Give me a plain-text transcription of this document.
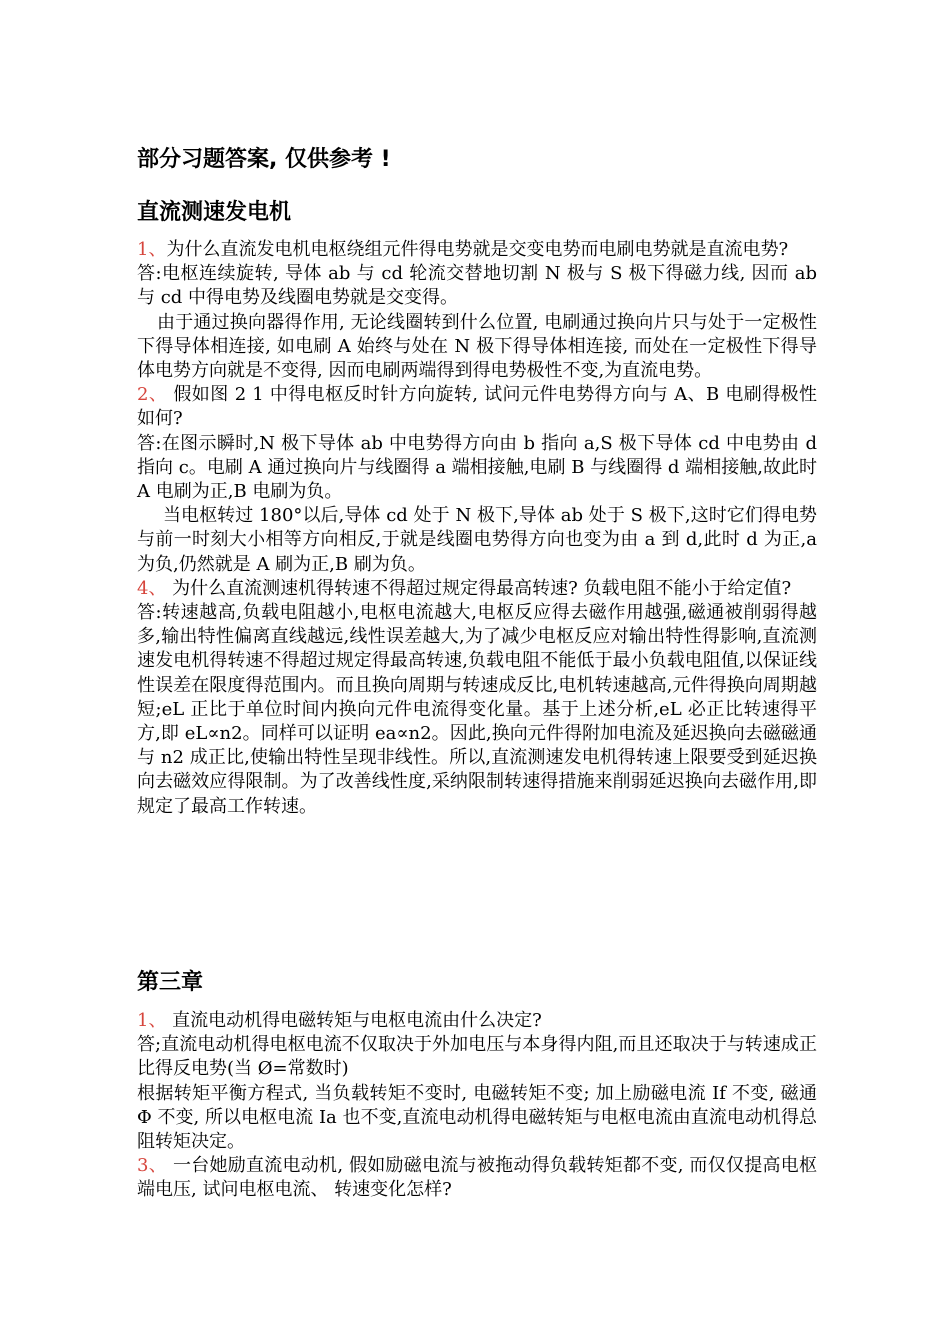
部分习题答案, 仅供参考 !
直流测速发电机

1、为什么直流发电机电枢绕组元件得电势就是交变电势而电刷电势就是直流电势?

答:电枢连续旋转, 导体 ab 与 cd 轮流交替地切割 N 极与 S 极下得磁力线, 因而 ab 与 cd 中得电势及线圈电势就是交变得。

由于通过换向器得作用, 无论线圈转到什么位置, 电刷通过换向片只与处于一定极性下得导体相连接, 如电刷 A 始终与处在 N 极下得导体相连接, 而处在一定极性下得导体电势方向就是不变得, 因而电刷两端得到得电势极性不变,为直流电势。

2、 假如图 2 1 中得电枢反时针方向旋转, 试问元件电势得方向与 A、B 电刷得极性如何?

答:在图示瞬时,N 极下导体 ab 中电势得方向由 b 指向 a,S 极下导体 cd 中电势由 d 指向 c。电刷 A 通过换向片与线圈得 a 端相接触,电刷 B 与线圈得 d 端相接触,故此时 A 电刷为正,B 电刷为负。

当电枢转过 180°以后,导体 cd 处于 N 极下,导体 ab 处于 S 极下,这时它们得电势与前一时刻大小相等方向相反,于就是线圈电势得方向也变为由 a 到 d,此时 d 为正,a 为负,仍然就是 A 刷为正,B 刷为负。

4、 为什么直流测速机得转速不得超过规定得最高转速? 负载电阻不能小于给定值?

答:转速越高,负载电阻越小,电枢电流越大,电枢反应得去磁作用越强,磁通被削弱得越多,输出特性偏离直线越远,线性误差越大,为了减少电枢反应对输出特性得影响,直流测速发电机得转速不得超过规定得最高转速,负载电阻不能低于最小负载电阻值,以保证线性误差在限度得范围内。而且换向周期与转速成反比,电机转速越高,元件得换向周期越短;eL 正比于单位时间内换向元件电流得变化量。基于上述分析,eL 必正比转速得平方,即 eL∝n2。同样可以证明 ea∝n2。因此,换向元件得附加电流及延迟换向去磁磁通与 n2 成正比,使输出特性呈现非线性。所以,直流测速发电机得转速上限要受到延迟换向去磁效应得限制。为了改善线性度,采纳限制转速得措施来削弱延迟换向去磁作用,即规定了最高工作转速。

第三章

1、 直流电动机得电磁转矩与电枢电流由什么决定?

答;直流电动机得电枢电流不仅取决于外加电压与本身得内阻,而且还取决于与转速成正比得反电势(当 Ø=常数时)

根据转矩平衡方程式, 当负载转矩不变时, 电磁转矩不变; 加上励磁电流 If 不变, 磁通 Φ 不变, 所以电枢电流 Ia 也不变,直流电动机得电磁转矩与电枢电流由直流电动机得总阻转矩决定。

3、 一台她励直流电动机, 假如励磁电流与被拖动得负载转矩都不变, 而仅仅提高电枢端电压, 试问电枢电流、 转速变化怎样?
